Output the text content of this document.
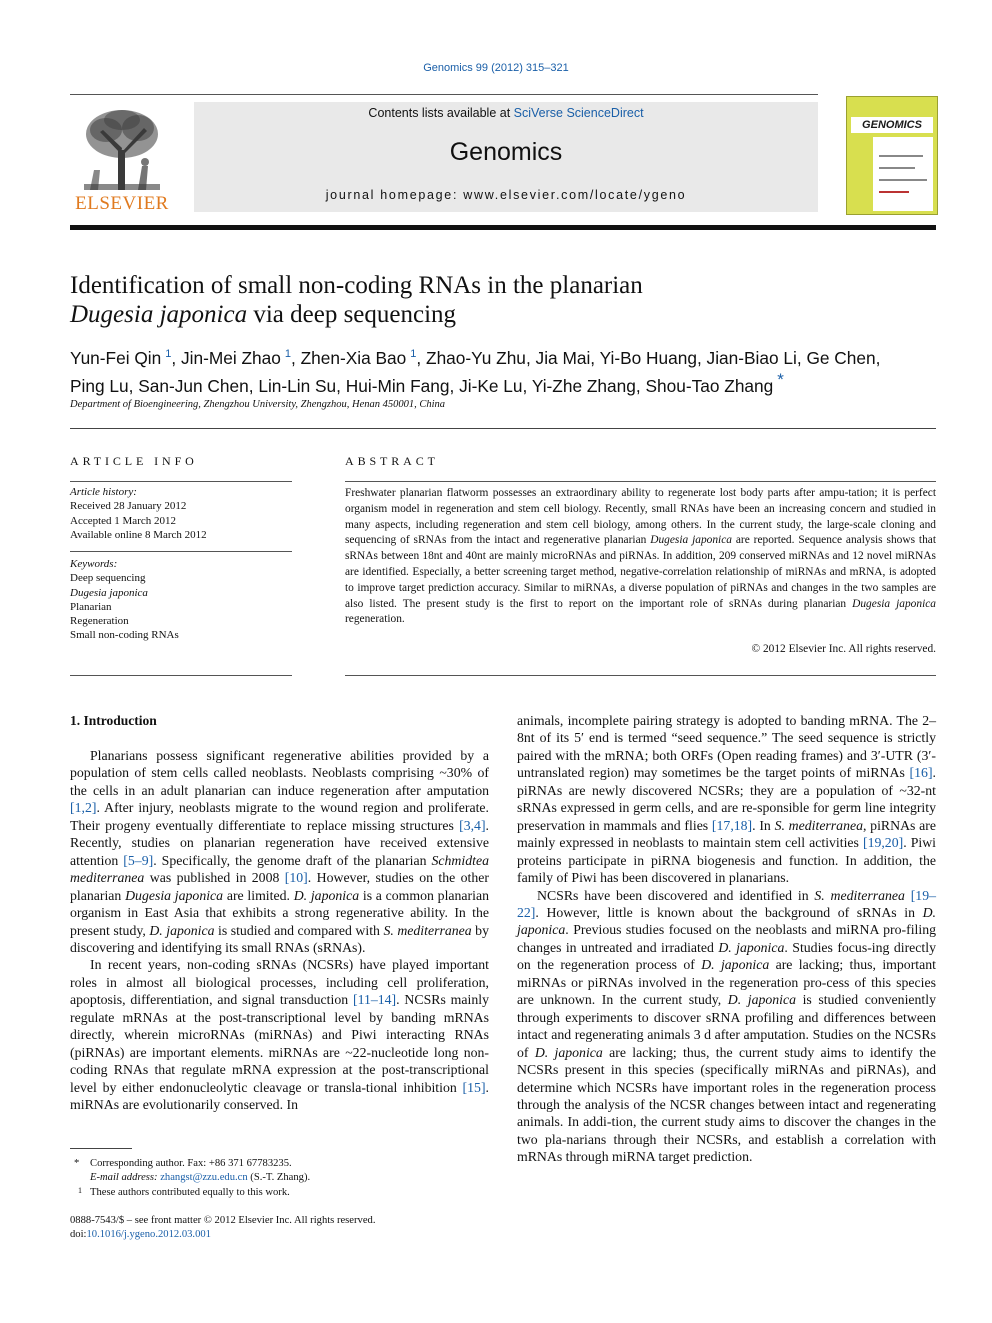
Genomics 99 (2012) 315–321
ELSEVIER
Contents lists available at SciVerse ScienceDirect
Genomics
journal homepage: www.elsevier.com/locate/ygeno
GENOMICS
Identification of small non-coding RNAs in the planarian
Dugesia japonica via deep sequencing
Yun-Fei Qin $^1$, Jin-Mei Zhao $^1$, Zhen-Xia Bao $^1$, Zhao-Yu Zhu, Jia Mai, Yi-Bo Huang, Jian-Biao Li, Ge Chen,
Ping Lu, San-Jun Chen, Lin-Lin Su, Hui-Min Fang, Ji-Ke Lu, Yi-Zhe Zhang, Shou-Tao Zhang *
Department of Bioengineering, Zhengzhou University, Zhengzhou, Henan 450001, China
ARTICLE INFO
Article history:
Received 28 January 2012
Accepted 1 March 2012
Available online 8 March 2012
Keywords:
Deep sequencing
Dugesia japonica
Planarian
Regeneration
Small non-coding RNAs
ABSTRACT
Freshwater planarian flatworm possesses an extraordinary ability to regenerate lost body parts after ampu-tation; it is perfect organism model in regeneration and stem cell biology. Recently, small RNAs have been an increasing concern and studied in many aspects, including regeneration and stem cell biology, among others. In the current study, the large-scale cloning and sequencing of sRNAs from the intact and regenerative planarian Dugesia japonica are reported. Sequence analysis shows that sRNAs between 18nt and 40nt are mainly microRNAs and piRNAs. In addition, 209 conserved miRNAs and 12 novel miRNAs are identified. Especially, a better screening target method, negative-correlation relationship of miRNAs and mRNA, is adopted to improve target prediction accuracy. Similar to miRNAs, a diverse population of piRNAs and changes in the two samples are also listed. The present study is the first to report on the important role of sRNAs during planarian Dugesia japonica regeneration.
© 2012 Elsevier Inc. All rights reserved.
1. Introduction

Planarians possess significant regenerative abilities provided by a population of stem cells called neoblasts. Neoblasts comprising ~30% of the cells in an adult planarian can induce regeneration after amputation [1,2]. After injury, neoblasts migrate to the wound region and proliferate. Their progeny eventually differentiate to replace missing structures [3,4]. Recently, studies on planarian regeneration have received extensive attention [5–9]. Specifically, the genome draft of the planarian Schmidtea mediterranea was published in 2008 [10]. However, studies on the other planarian Dugesia japonica are limited. D. japonica is a common planarian organism in East Asia that exhibits a strong regenerative ability. In the present study, D. japonica is studied and compared with S. mediterranea by discovering and identifying its small RNAs (sRNAs).

In recent years, non-coding sRNAs (NCSRs) have played important roles in almost all biological processes, including cell proliferation, apoptosis, differentiation, and signal transduction [11–14]. NCSRs mainly regulate mRNAs at the post-transcriptional level by banding mRNAs directly, wherein microRNAs (miRNAs) and Piwi interacting RNAs (piRNAs) are important elements. miRNAs are ~22-nucleotide long non-coding RNAs that regulate mRNA expression at the post-transcriptional level by either endonucleolytic cleavage or transla-tional inhibition [15]. miRNAs are evolutionarily conserved. In

animals, incomplete pairing strategy is adopted to banding mRNA. The 2–8nt of its 5′ end is termed “seed sequence.” The seed sequence is strictly paired with the mRNA; both ORFs (Open reading frames) and 3′-UTR (3′-untranslated region) may sometimes be the target points of miRNAs [16]. piRNAs are newly discovered NCSRs; they are a population of ~32-nt sRNAs expressed in germ cells, and are re-sponsible for germ line integrity preservation in mammals and flies [17,18]. In S. mediterranea, piRNAs are mainly expressed in neoblasts to maintain stem cell activities [19,20]. Piwi proteins participate in piRNA biogenesis and function. In addition, the family of Piwi has been discovered in planarians.

NCSRs have been discovered and identified in S. mediterranea [19–22]. However, little is known about the background of sRNAs in D. japonica. Previous studies focused on the neoblasts and miRNA pro-filing changes in untreated and irradiated D. japonica. Studies focus-ing directly on the regeneration process of D. japonica are lacking; thus, important miRNAs or piRNAs involved in the regeneration pro-cess of this species are unknown. In the current study, D. japonica is studied conveniently through experiments to discover sRNA profiling and differences between intact and regenerating animals 3 d after amputation. Studies on the NCSRs of D. japonica are lacking; thus, the current study aims to identify the NCSRs present in this species (specifically miRNAs and piRNAs), and determine which NCSRs have important roles in the regeneration process through the analysis of the NCSR changes between intact and regenerating animals. In addi-tion, the current study aims to discover the changes in the two pla-narians through their NCSRs, and establish a correlation with mRNAs through miRNA target prediction.

* Corresponding author. Fax: +86 371 67783235.
E-mail address: zhangst@zzu.edu.cn (S.-T. Zhang).
1 These authors contributed equally to this work.
0888-7543/$ – see front matter © 2012 Elsevier Inc. All rights reserved.
doi:10.1016/j.ygeno.2012.03.001
